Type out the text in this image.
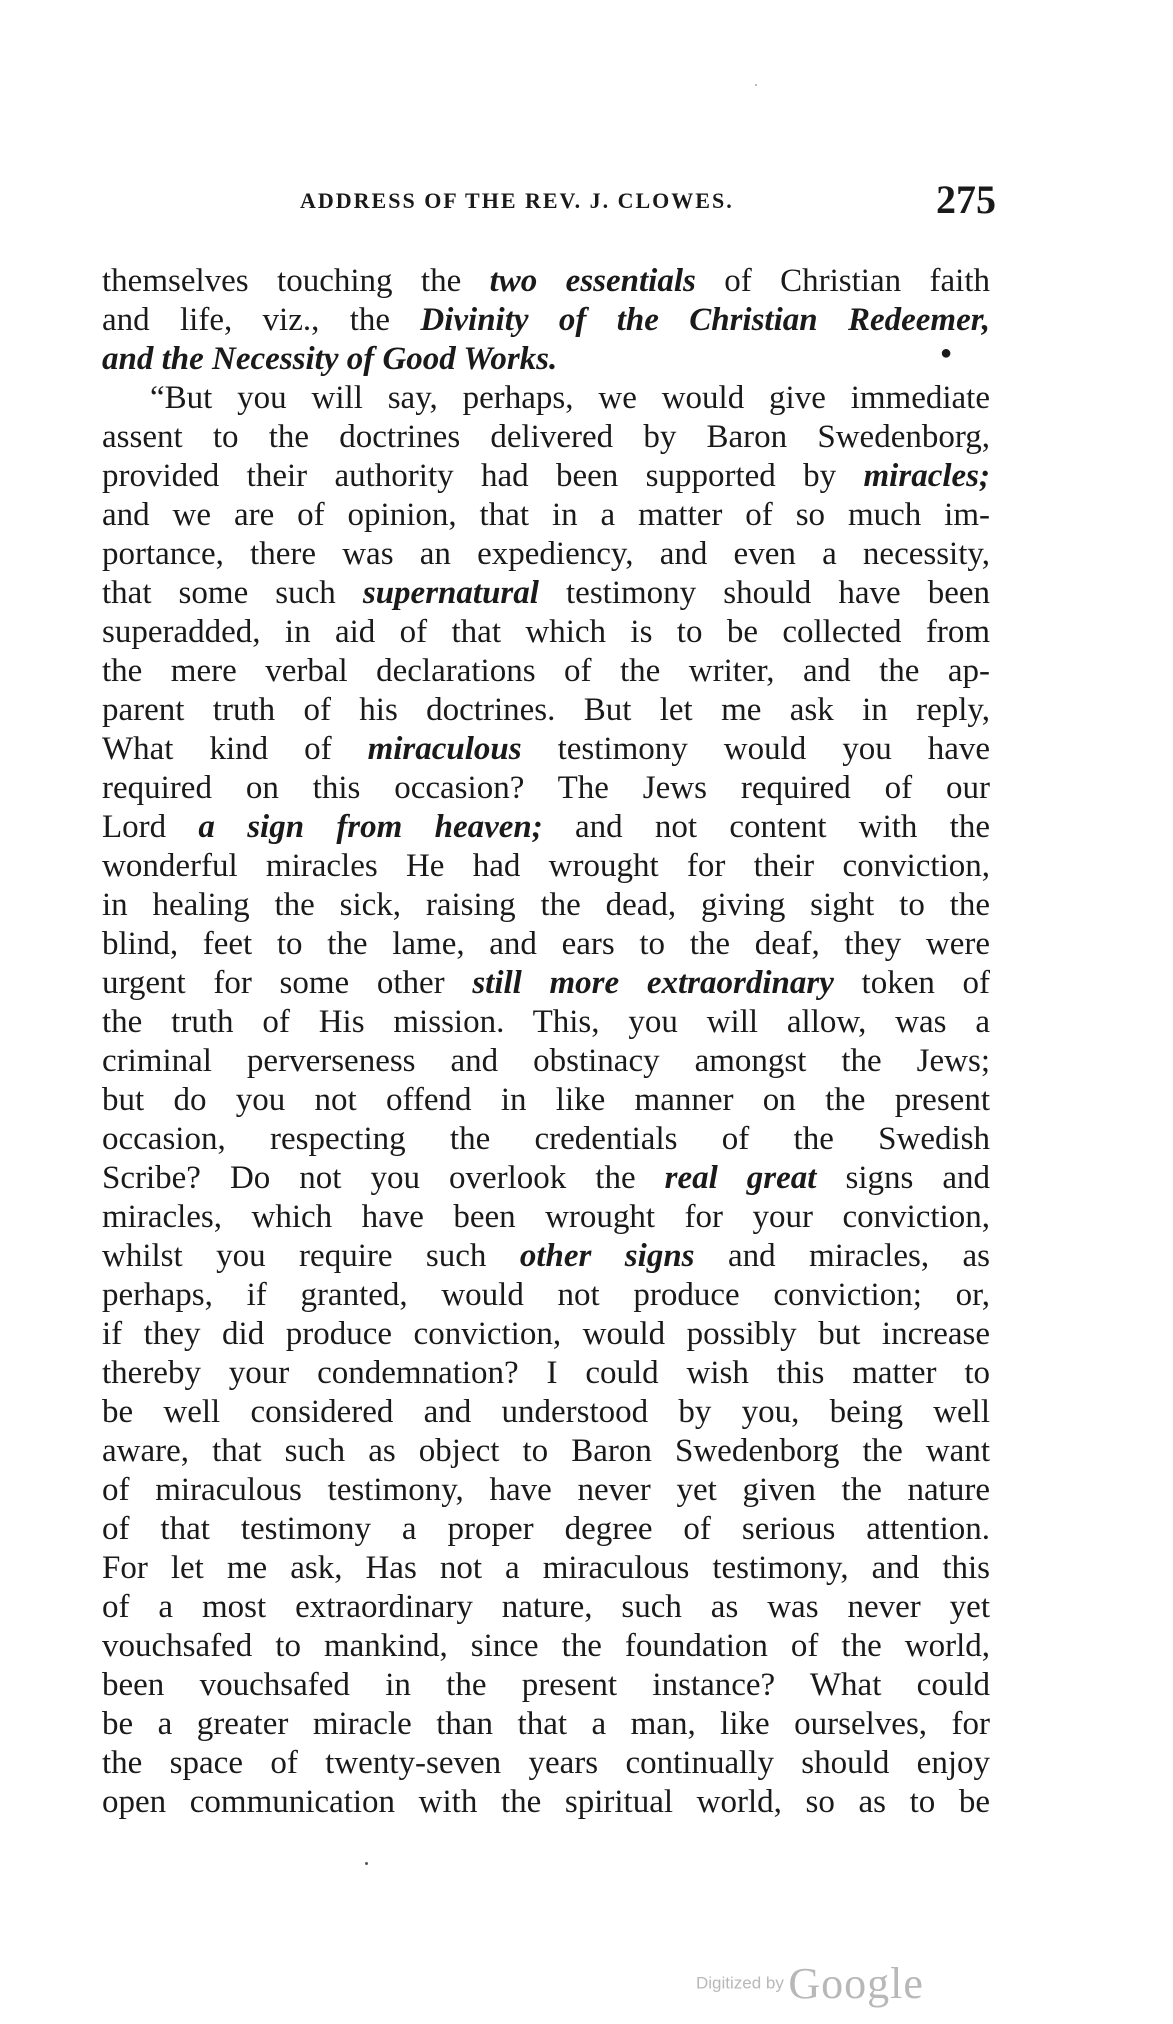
ADDRESS OF THE REV. J. CLOWES.	275
●
themselves touching the two essentials of Christian faith
and life, viz., the Divinity of the Christian Redeemer,
and the Necessity of Good Works.
“But you will say, perhaps, we would give immediate
assent to the doctrines delivered by Baron Swedenborg,
provided their authority had been supported by miracles;
and we are of opinion, that in a matter of so much im-
portance, there was an expediency, and even a necessity,
that some such supernatural testimony should have been
superadded, in aid of that which is to be collected from
the mere verbal declarations of the writer, and the ap-
parent truth of his doctrines. But let me ask in reply,
What kind of miraculous testimony would you have
required on this occasion? The Jews required of our
Lord a sign from heaven; and not content with the
wonderful miracles He had wrought for their conviction,
in healing the sick, raising the dead, giving sight to the
blind, feet to the lame, and ears to the deaf, they were
urgent for some other still more extraordinary token of
the truth of His mission. This, you will allow, was a
criminal perverseness and obstinacy amongst the Jews;
but do you not offend in like manner on the present
occasion, respecting the credentials of the Swedish
Scribe? Do not you overlook the real great signs and
miracles, which have been wrought for your conviction,
whilst you require such other signs and miracles, as
perhaps, if granted, would not produce conviction; or,
if they did produce conviction, would possibly but increase
thereby your condemnation? I could wish this matter to
be well considered and understood by you, being well
aware, that such as object to Baron Swedenborg the want
of miraculous testimony, have never yet given the nature
of that testimony a proper degree of serious attention.
For let me ask, Has not a miraculous testimony, and this
of a most extraordinary nature, such as was never yet
vouchsafed to mankind, since the foundation of the world,
been vouchsafed in the present instance? What could
be a greater miracle than that a man, like ourselves, for
the space of twenty-seven years continually should enjoy
open communication with the spiritual world, so as to be
Digitized by Google
